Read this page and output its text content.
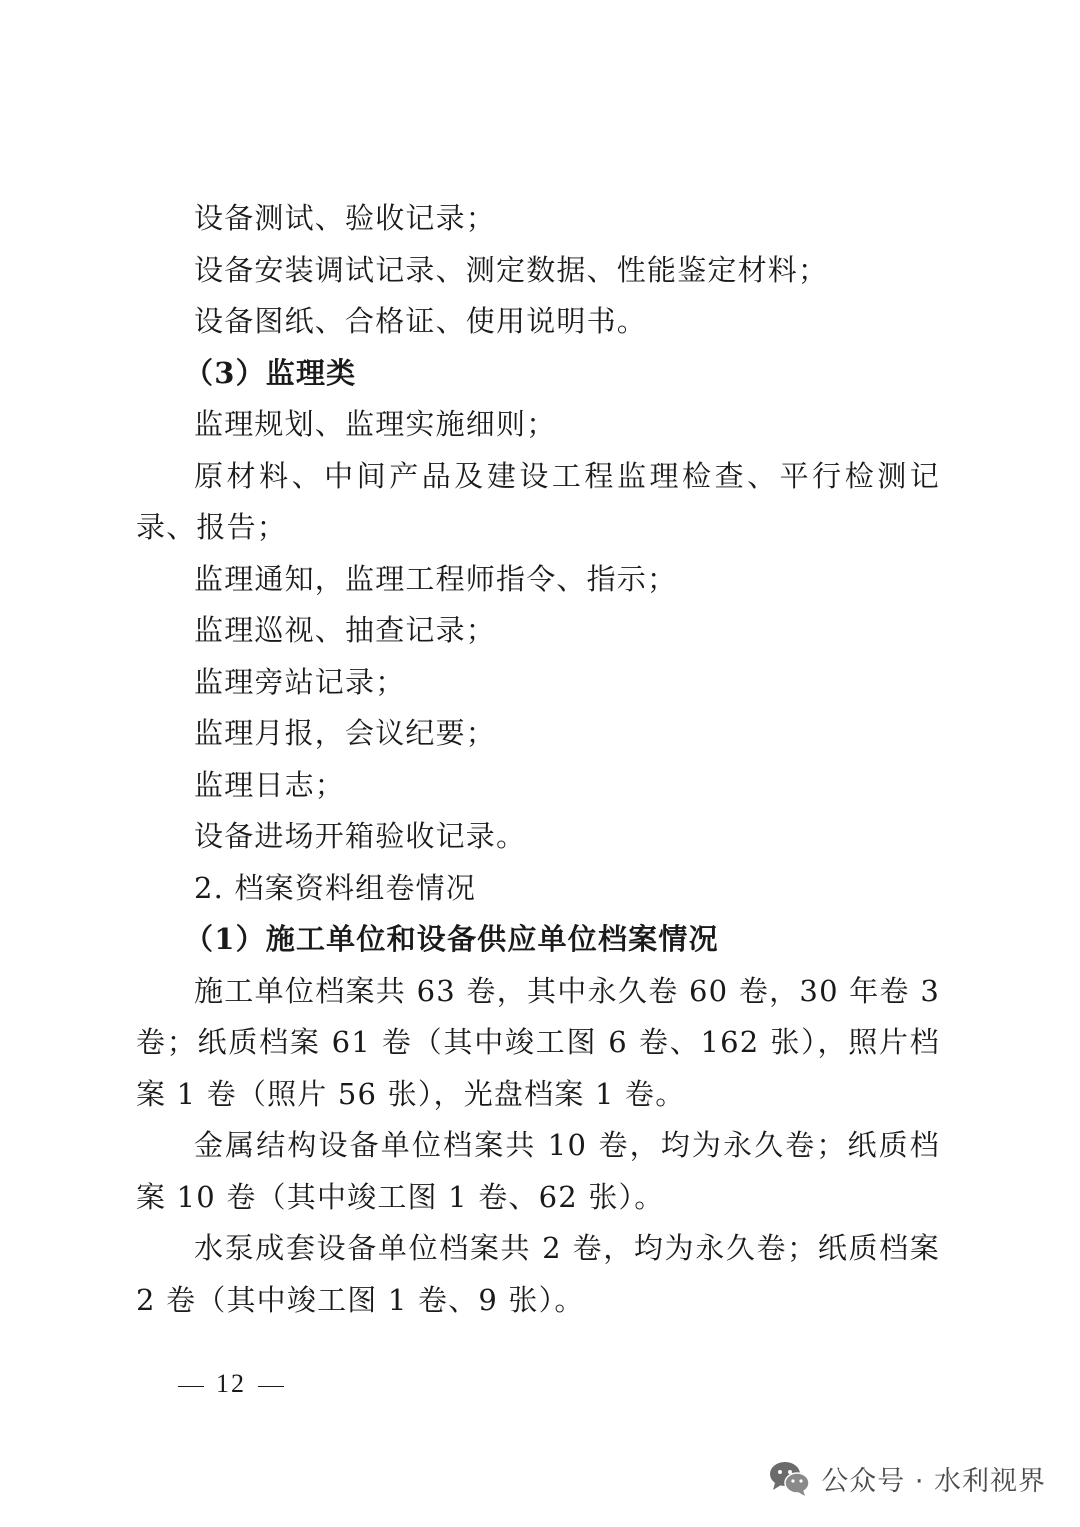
设备测试、验收记录；
设备安装调试记录、测定数据、性能鉴定材料；
设备图纸、合格证、使用说明书。
（3）监理类
监理规划、监理实施细则；
原材料、中间产品及建设工程监理检查、平行检测记录、报告；
监理通知，监理工程师指令、指示；
监理巡视、抽查记录；
监理旁站记录；
监理月报，会议纪要；
监理日志；
设备进场开箱验收记录。
2. 档案资料组卷情况
（1）施工单位和设备供应单位档案情况
施工单位档案共 63 卷，其中永久卷 60 卷，30 年卷 3 卷；纸质档案 61 卷（其中竣工图 6 卷、162 张），照片档案 1 卷（照片 56 张），光盘档案 1 卷。
金属结构设备单位档案共 10 卷，均为永久卷；纸质档案 10 卷（其中竣工图 1 卷、62 张）。
水泵成套设备单位档案共 2 卷，均为永久卷；纸质档案 2 卷（其中竣工图 1 卷、9 张）。
12
公众号 · 水利视界
